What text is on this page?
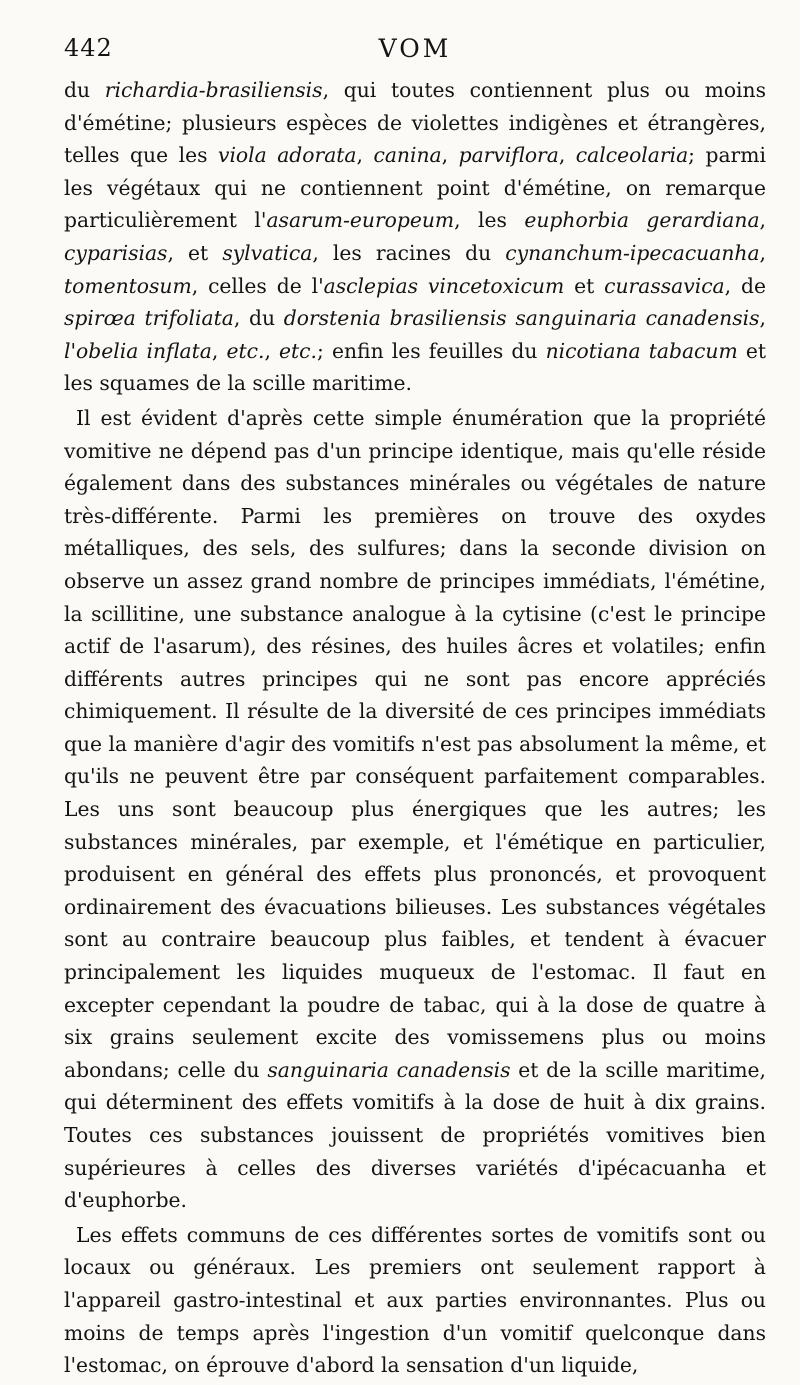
442	VOM

du richardia-brasiliensis, qui toutes contiennent plus ou moins d'émétine; plusieurs espèces de violettes indigènes et étrangères, telles que les viola adorata, canina, parviflora, calceolaria; parmi les végétaux qui ne contiennent point d'émétine, on remarque particulièrement l'asarum-europeum, les euphorbia gerardiana, cyparisias, et sylvatica, les racines du cynanchum-ipecacuanha, tomentosum, celles de l'asclepias vincetoxicum et curassavica, de spirœa trifoliata, du dorstenia brasiliensis sanguinaria canadensis, l'obelia inflata, etc., etc.; enfin les feuilles du nicotiana tabacum et les squames de la scille maritime.

Il est évident d'après cette simple énumération que la propriété vomitive ne dépend pas d'un principe identique, mais qu'elle réside également dans des substances minérales ou végétales de nature très-différente. Parmi les premières on trouve des oxydes métalliques, des sels, des sulfures; dans la seconde division on observe un assez grand nombre de principes immédiats, l'émétine, la scillitine, une substance analogue à la cytisine (c'est le principe actif de l'asarum), des résines, des huiles âcres et volatiles; enfin différents autres principes qui ne sont pas encore appréciés chimiquement. Il résulte de la diversité de ces principes immédiats que la manière d'agir des vomitifs n'est pas absolument la même, et qu'ils ne peuvent être par conséquent parfaitement comparables. Les uns sont beaucoup plus énergiques que les autres; les substances minérales, par exemple, et l'émétique en particulier, produisent en général des effets plus prononcés, et provoquent ordinairement des évacuations bilieuses. Les substances végétales sont au contraire beaucoup plus faibles, et tendent à évacuer principalement les liquides muqueux de l'estomac. Il faut en excepter cependant la poudre de tabac, qui à la dose de quatre à six grains seulement excite des vomissemens plus ou moins abondans; celle du sanguinaria canadensis et de la scille maritime, qui déterminent des effets vomitifs à la dose de huit à dix grains. Toutes ces substances jouissent de propriétés vomitives bien supérieures à celles des diverses variétés d'ipécacuanha et d'euphorbe.

Les effets communs de ces différentes sortes de vomitifs sont ou locaux ou généraux. Les premiers ont seulement rapport à l'appareil gastro-intestinal et aux parties environnantes. Plus ou moins de temps après l'ingestion d'un vomitif quelconque dans l'estomac, on éprouve d'abord la sensation d'un liquide,
